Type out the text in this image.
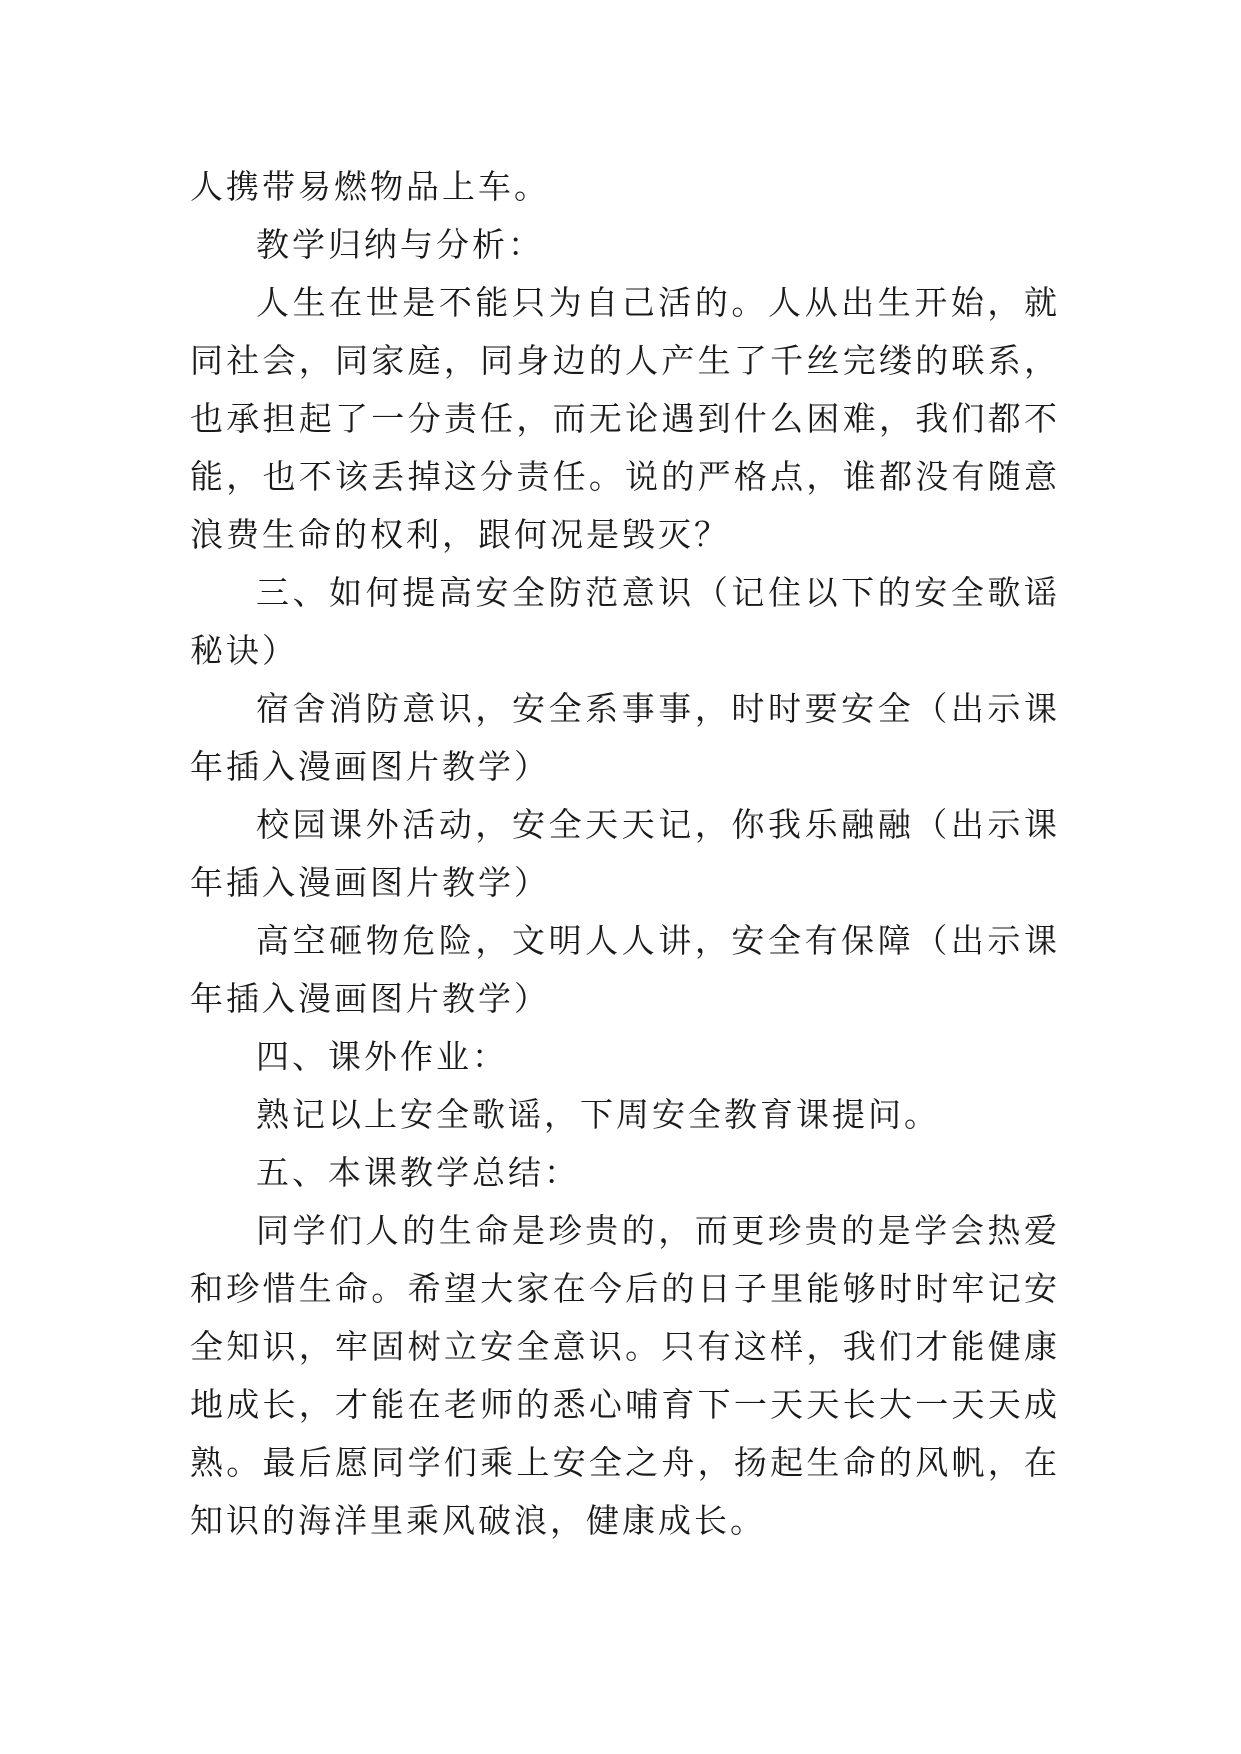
人携带易燃物品上车。

教学归纳与分析：

人生在世是不能只为自己活的。人从出生开始，就同社会，同家庭，同身边的人产生了千丝完缕的联系，也承担起了一分责任，而无论遇到什么困难，我们都不能，也不该丢掉这分责任。说的严格点，谁都没有随意浪费生命的权利，跟何况是毁灭？

三、如何提高安全防范意识（记住以下的安全歌谣秘诀）

宿舍消防意识，安全系事事，时时要安全（出示课年插入漫画图片教学）

校园课外活动，安全天天记，你我乐融融（出示课年插入漫画图片教学）

高空砸物危险，文明人人讲，安全有保障（出示课年插入漫画图片教学）

四、课外作业：

熟记以上安全歌谣，下周安全教育课提问。

五、本课教学总结：

同学们人的生命是珍贵的，而更珍贵的是学会热爱和珍惜生命。希望大家在今后的日子里能够时时牢记安全知识，牢固树立安全意识。只有这样，我们才能健康地成长，才能在老师的悉心哺育下一天天长大一天天成熟。最后愿同学们乘上安全之舟，扬起生命的风帆，在知识的海洋里乘风破浪，健康成长。
